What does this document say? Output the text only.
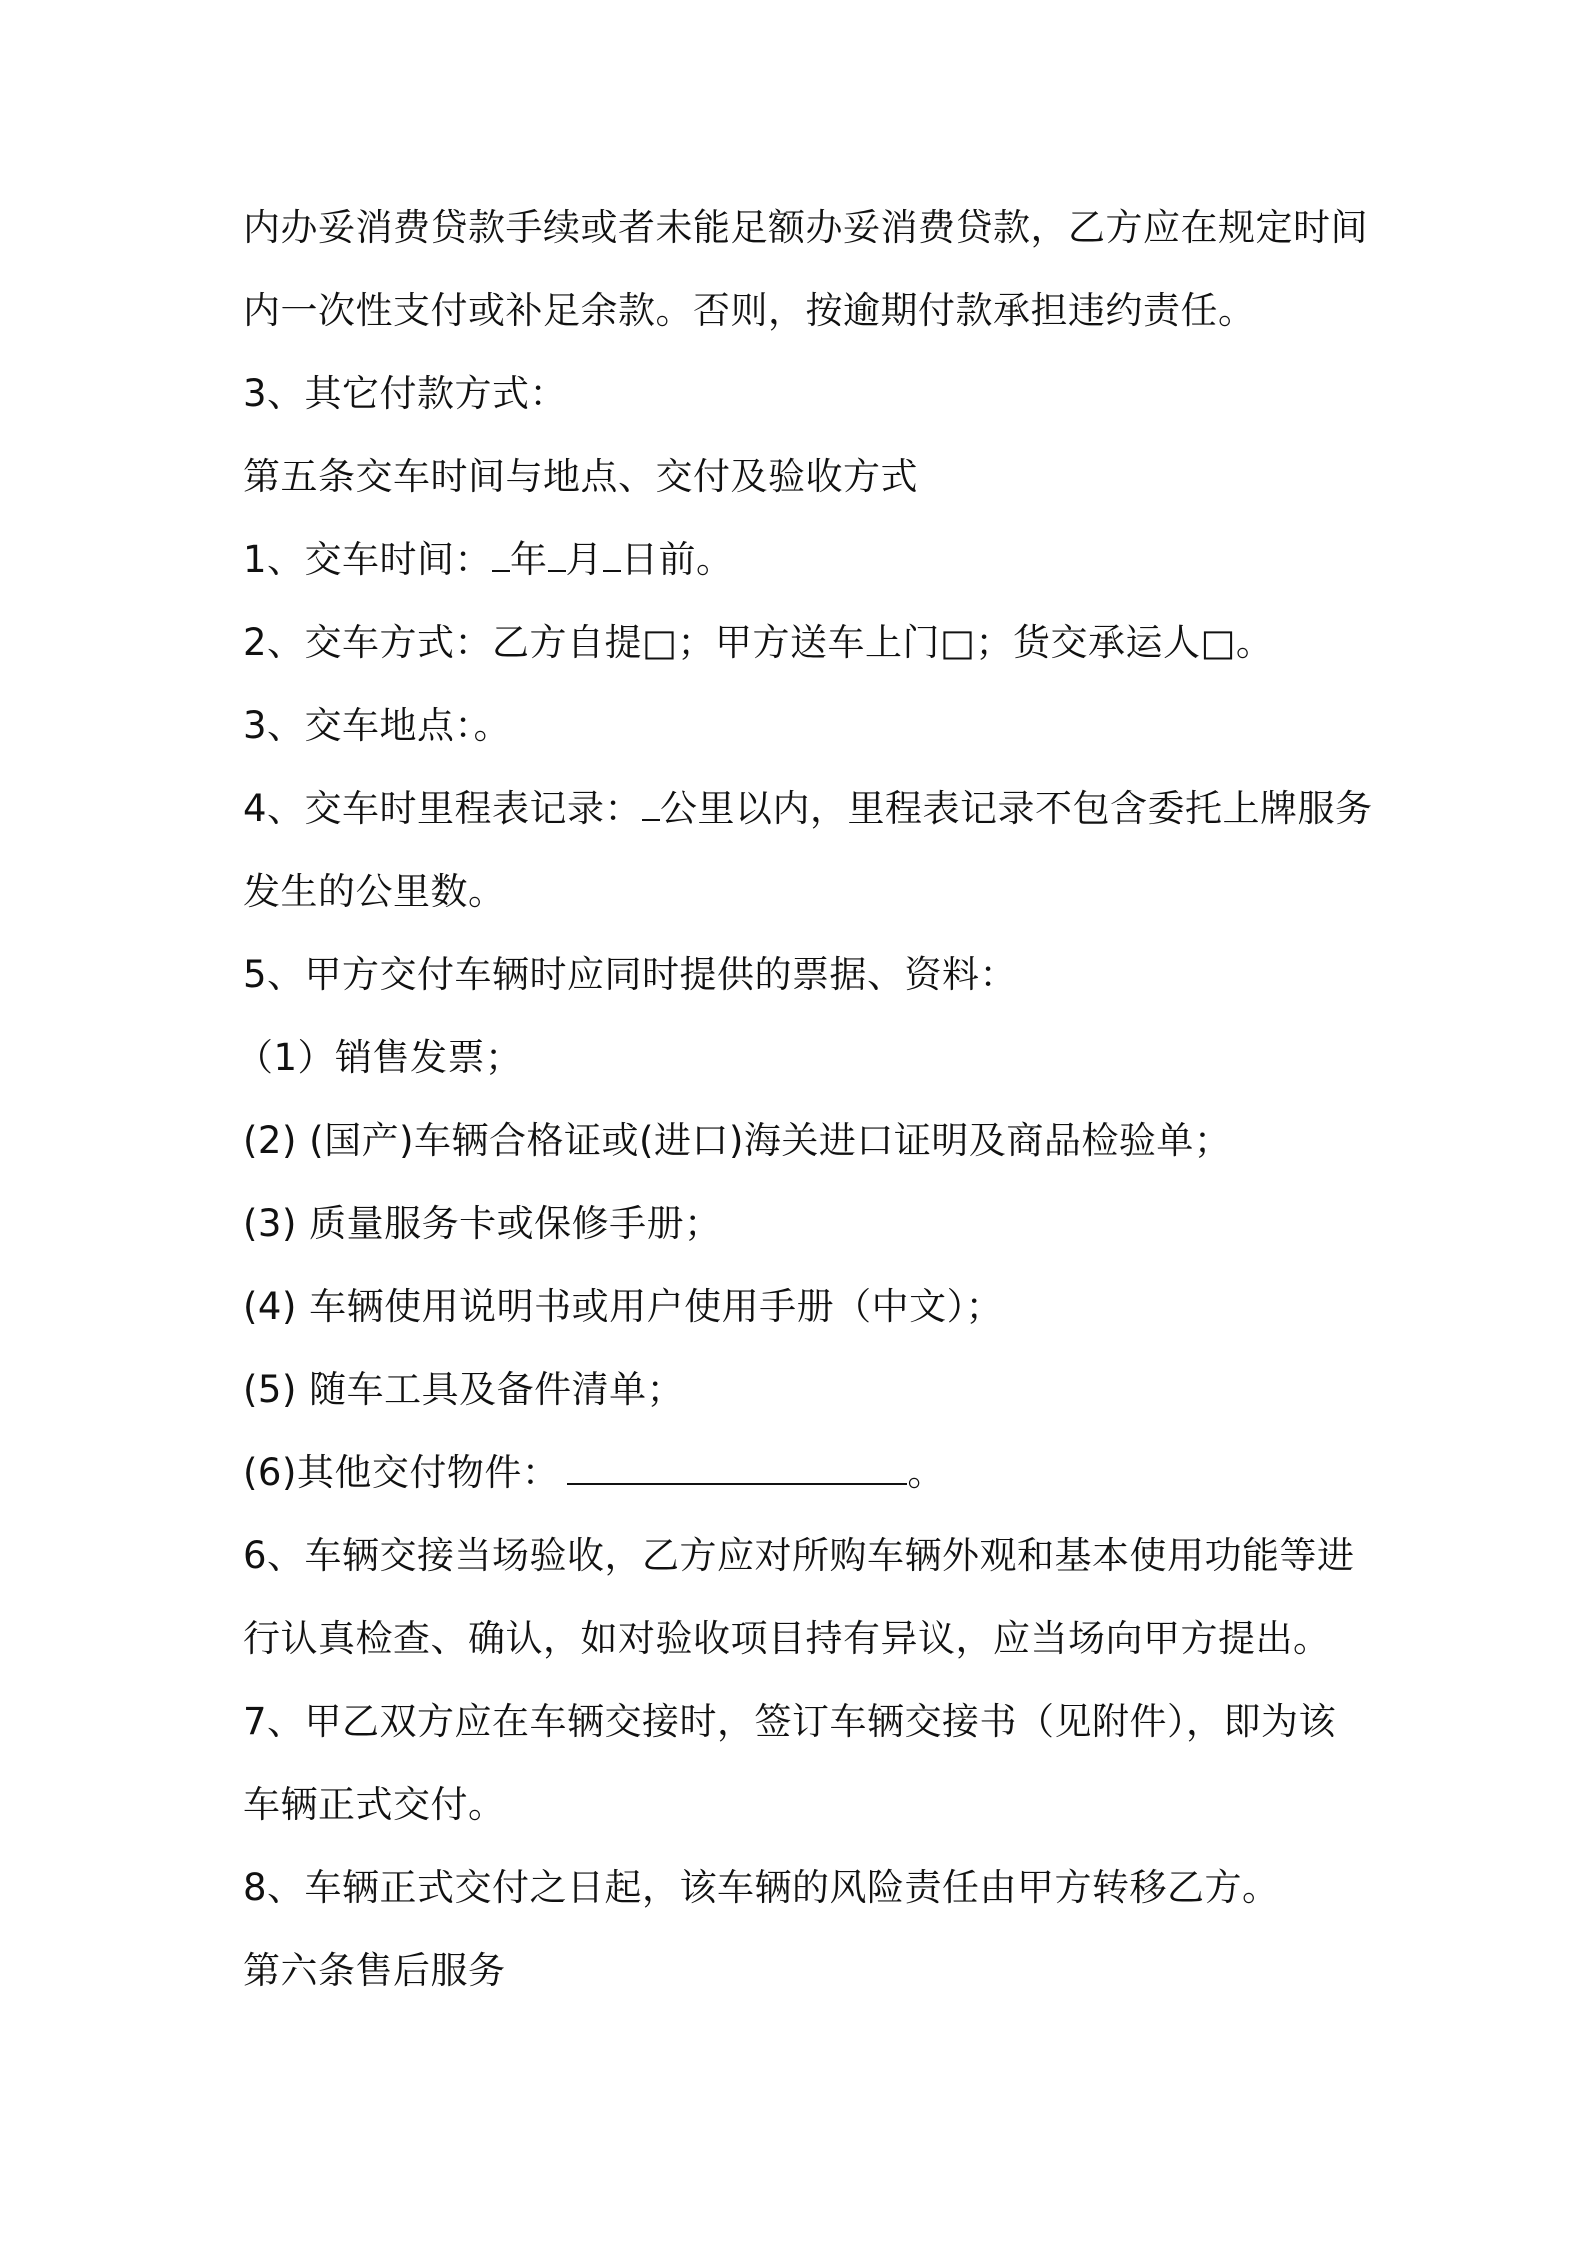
内办妥消费贷款手续或者未能足额办妥消费贷款，乙方应在规定时间
内一次性支付或补足余款。否则，按逾期付款承担违约责任。
3、其它付款方式：
第五条交车时间与地点、交付及验收方式
1、交车时间： 年 月 日前。
2、交车方式：乙方自提□；甲方送车上门□；货交承运人□。
3、交车地点：。
4、交车时里程表记录： 公里以内，里程表记录不包含委托上牌服务
发生的公里数。
5、甲方交付车辆时应同时提供的票据、资料：
（1）销售发票；
(2) (国产)车辆合格证或(进口)海关进口证明及商品检验单；
(3) 质量服务卡或保修手册；
(4) 车辆使用说明书或用户使用手册（中文）；
(5) 随车工具及备件清单；
(6)其他交付物件：	。
6、车辆交接当场验收，乙方应对所购车辆外观和基本使用功能等进
行认真检查、确认，如对验收项目持有异议，应当场向甲方提出。
7、甲乙双方应在车辆交接时，签订车辆交接书（见附件），即为该
车辆正式交付。
8、车辆正式交付之日起，该车辆的风险责任由甲方转移乙方。
第六条售后服务
